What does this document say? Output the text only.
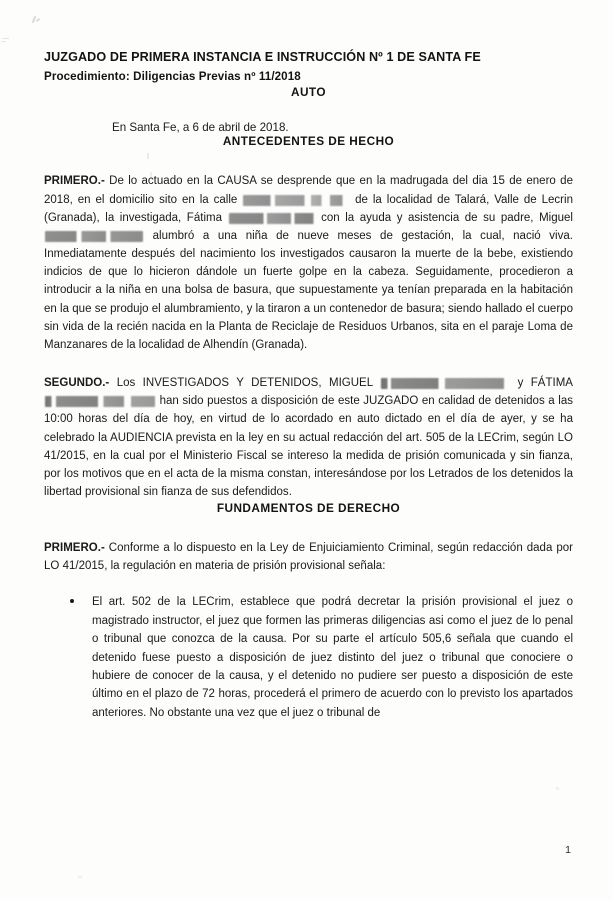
JUZGADO DE PRIMERA INSTANCIA E INSTRUCCIÓN Nº 1 DE SANTA FE
Procedimiento: Diligencias Previas nº 11/2018
AUTO
En Santa Fe, a 6 de abril de 2018.
ANTECEDENTES DE HECHO

PRIMERO.- De lo actuado en la CAUSA se desprende que en la madrugada del dia 15 de enero de 2018, en el domicilio sito en la calle	de la localidad de Talará, Valle de Lecrin (Granada), la investigada, Fátima	con la ayuda y asistencia de su padre, Miguel  alumbró a una niña de nueve meses de gestación, la cual, nació viva. Inmediatamente después del nacimiento los investigados causaron la muerte de la bebe, existiendo indicios de que lo hicieron dándole un fuerte golpe en la cabeza. Seguidamente, procedieron a introducir a la niña en una bolsa de basura, que supuestamente ya tenían preparada en la habitación en la que se produjo el alumbramiento, y la tiraron a un contenedor de basura; siendo hallado el cuerpo sin vida de la recién nacida en la Planta de Reciclaje de Residuos Urbanos, sita en el paraje Loma de Manzanares de la localidad de Alhendín (Granada).

SEGUNDO.- Los INVESTIGADOS Y DETENIDOS, MIGUEL	y FÁTIMA  han sido puestos a disposición de este JUZGADO en calidad de detenidos a las 10:00 horas del día de hoy, en virtud de lo acordado en auto dictado en el día de ayer, y se ha celebrado la AUDIENCIA prevista en la ley en su actual redacción del art. 505 de la LECrim, según LO 41/2015, en la cual por el Ministerio Fiscal se intereso la medida de prisión comunicada y sin fianza, por los motivos que en el acta de la misma constan, interesándose por los Letrados de los detenidos la libertad provisional sin fianza de sus defendidos.

FUNDAMENTOS DE DERECHO

PRIMERO.- Conforme a lo dispuesto en la Ley de Enjuiciamiento Criminal, según redacción dada por LO 41/2015, la regulación en materia de prisión provisional señala:

El art. 502 de la LECrim, establece que podrá decretar la prisión provisional el juez o magistrado instructor, el juez que formen las primeras diligencias asi como el juez de lo penal o tribunal que conozca de la causa. Por su parte el artículo 505,6 señala que cuando el detenido fuese puesto a disposición de juez distinto del juez o tribunal que conociere o hubiere de conocer de la causa, y el detenido no pudiere ser puesto a disposición de este último en el plazo de 72 horas, procederá el primero de acuerdo con lo previsto los apartados anteriores. No obstante una vez que el juez o tribunal de
1
